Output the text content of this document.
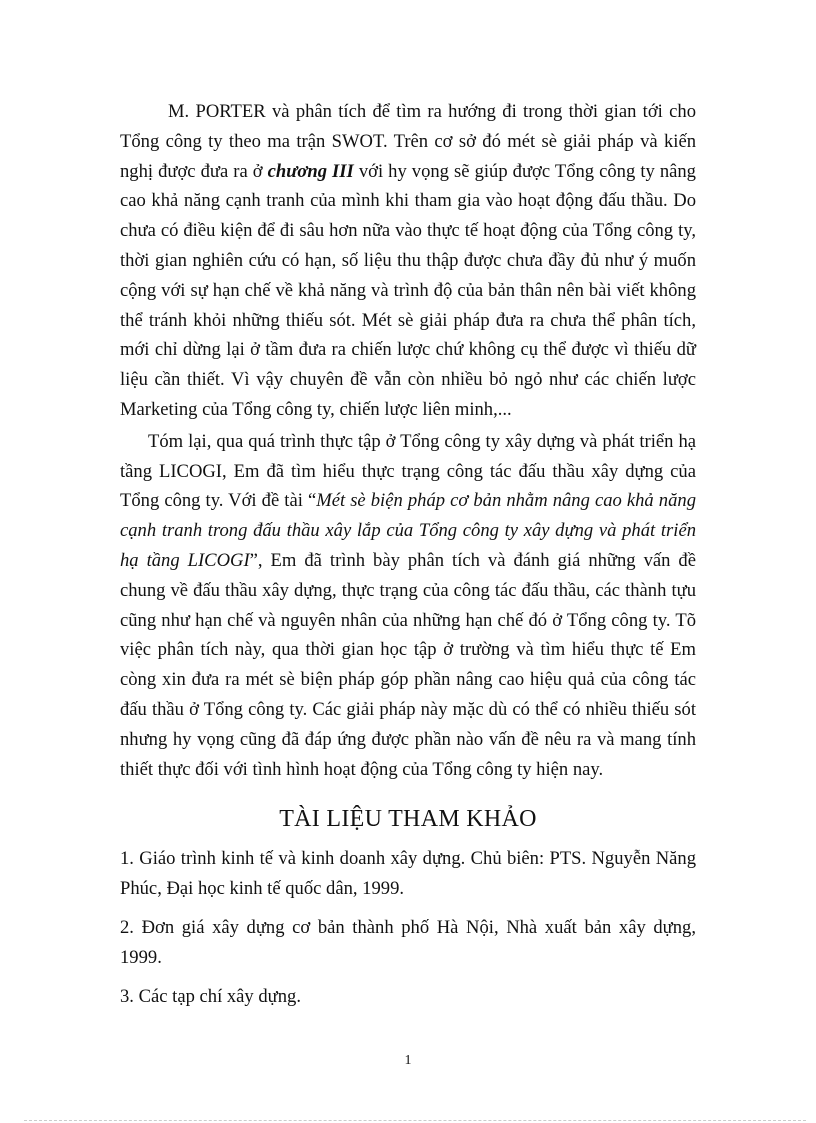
M. PORTER và phân tích để tìm ra hướng đi trong thời gian tới cho Tổng công ty theo ma trận SWOT. Trên cơ sở đó mét sè giải pháp và kiến nghị được đưa ra ở chương III với hy vọng sẽ giúp được Tổng công ty nâng cao khả năng cạnh tranh của mình khi tham gia vào hoạt động đấu thầu. Do chưa có điều kiện để đi sâu hơn nữa vào thực tế hoạt động của Tổng công ty, thời gian nghiên cứu có hạn, số liệu thu thập được chưa đầy đủ như ý muốn cộng với sự hạn chế về khả năng và trình độ của bản thân nên bài viết không thể tránh khỏi những thiếu sót. Mét sè giải pháp đưa ra chưa thể phân tích, mới chỉ dừng lại ở tầm đưa ra chiến lược chứ không cụ thể được vì thiếu dữ liệu cần thiết. Vì vậy chuyên đề vẫn còn nhiều bỏ ngỏ như các chiến lược Marketing của Tổng công ty, chiến lược liên minh,...

Tóm lại, qua quá trình thực tập ở Tổng công ty xây dựng và phát triển hạ tầng LICOGI, Em đã tìm hiểu thực trạng công tác đấu thầu xây dựng của Tổng công ty. Với đề tài “Mét sè biện pháp cơ bản nhằm nâng cao khả năng cạnh tranh trong đấu thầu xây lắp của Tổng công ty xây dựng và phát triển hạ tầng LICOGI”, Em đã trình bày phân tích và đánh giá những vấn đề chung về đấu thầu xây dựng, thực trạng của công tác đấu thầu, các thành tựu cũng như hạn chế và nguyên nhân của những hạn chế đó ở Tổng công ty. Tõ việc phân tích này, qua thời gian học tập ở trường và tìm hiểu thực tế Em còng xin đưa ra mét sè biện pháp góp phần nâng cao hiệu quả của công tác đấu thầu ở Tổng công ty. Các giải pháp này mặc dù có thể có nhiều thiếu sót nhưng hy vọng cũng đã đáp ứng được phần nào vấn đề nêu ra và mang tính thiết thực đối với tình hình hoạt động của Tổng công ty hiện nay.

TÀI LIỆU THAM KHẢO

1. Giáo trình kinh tế và kinh doanh xây dựng. Chủ biên: PTS. Nguyễn Năng Phúc, Đại học kinh tế quốc dân, 1999.

2. Đơn giá xây dựng cơ bản thành phố Hà Nội, Nhà xuất bản xây dựng, 1999.

3. Các tạp chí xây dựng.

1
